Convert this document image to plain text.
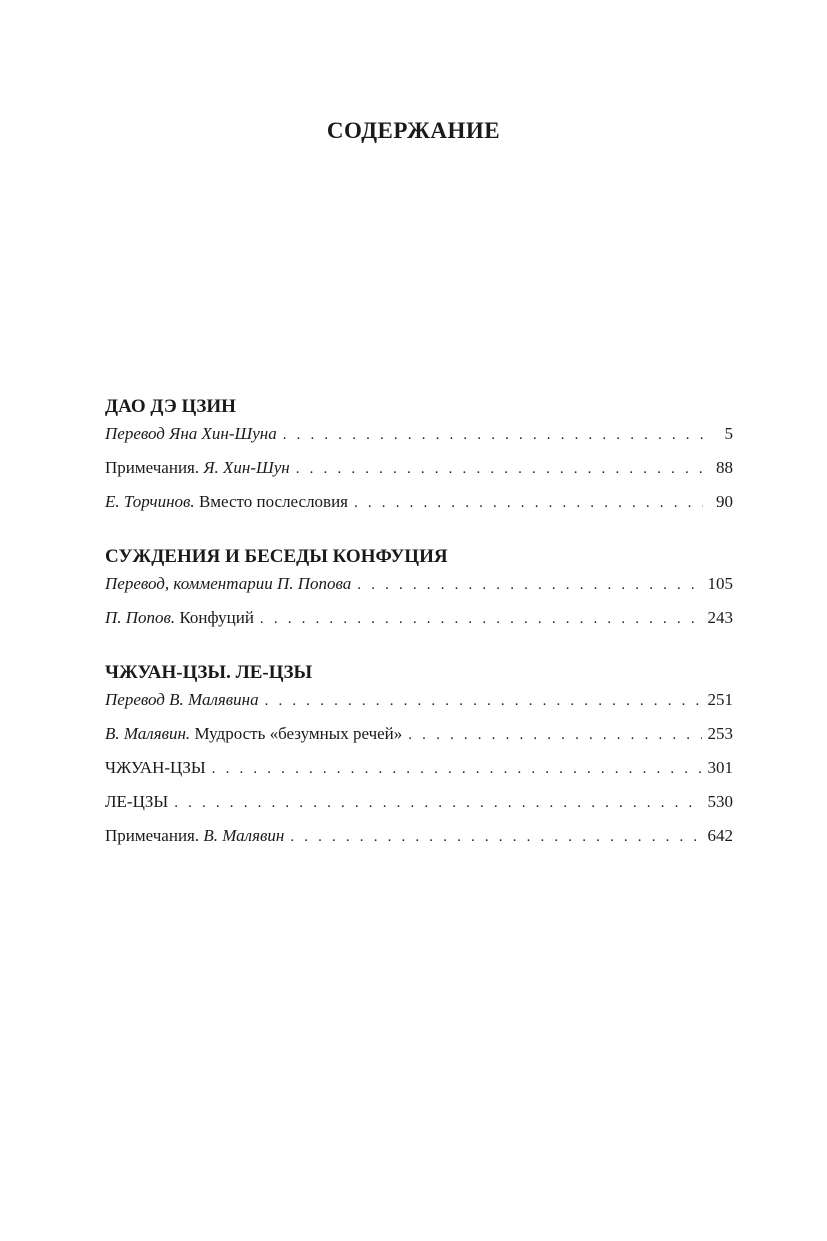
СОДЕРЖАНИЕ
ДАО ДЭ ЦЗИН
Перевод Яна Хин-Шуна . . .	5
Примечания. Я. Хин-Шун . . .	88
Е. Торчинов. Вместо послесловия . . .	90
СУЖДЕНИЯ И БЕСЕДЫ КОНФУЦИЯ
Перевод, комментарии П. Попова . . .	105
П. Попов. Конфуций . . .	243
ЧЖУАН-ЦЗЫ. ЛЕ-ЦЗЫ
Перевод В. Малявина . . .	251
В. Малявин. Мудрость «безумных речей» . . .	253
ЧЖУАН-ЦЗЫ . . .	301
ЛЕ-ЦЗЫ . . .	530
Примечания. В. Малявин . . .	642
